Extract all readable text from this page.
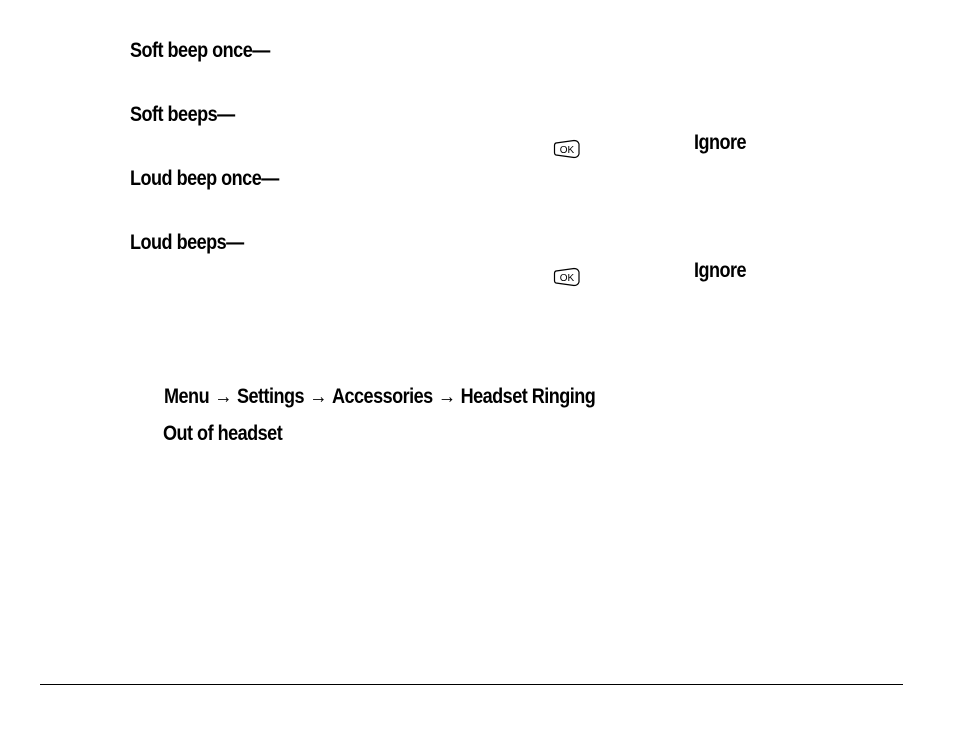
Soft beep once—
Soft beeps—
OK	Ignore
Loud beep once—
Loud beeps—
OK	Ignore
Menu → Settings → Accessories → Headset Ringing
Out of headset
